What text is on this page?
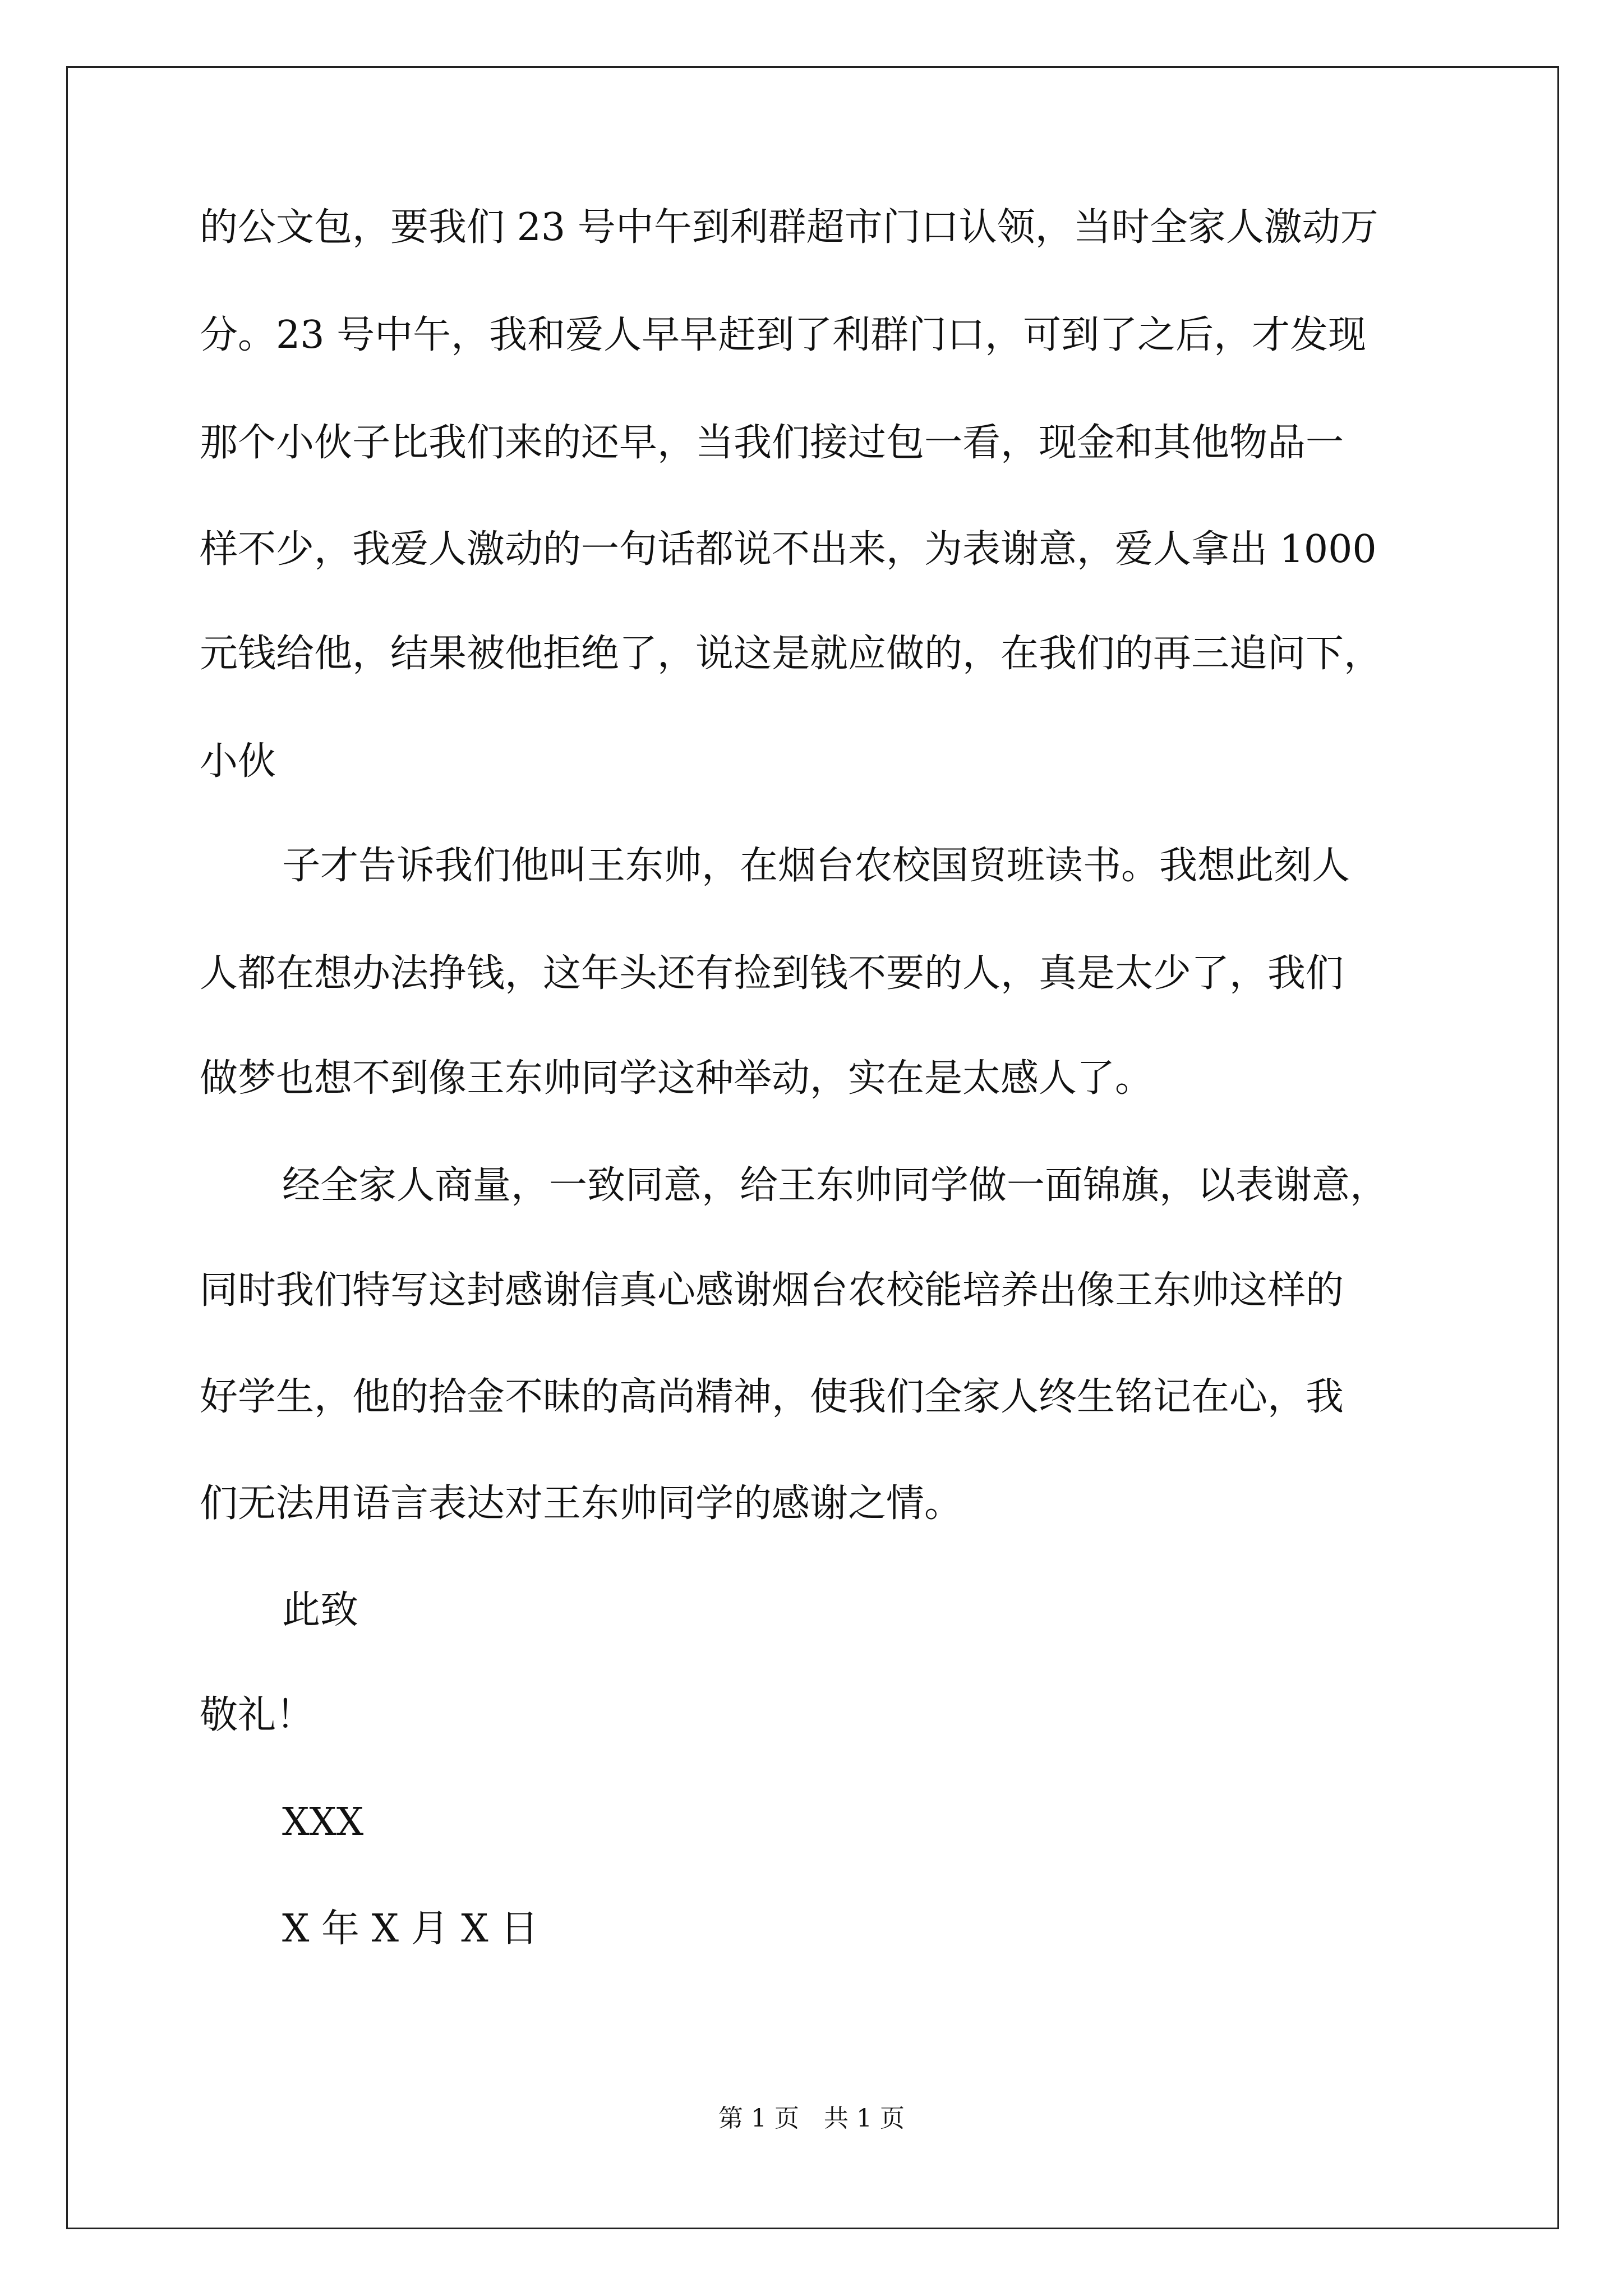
的公文包，要我们 23 号中午到利群超市门口认领，当时全家人激动万
分。23 号中午，我和爱人早早赶到了利群门口，可到了之后，才发现
那个小伙子比我们来的还早，当我们接过包一看，现金和其他物品一
样不少，我爱人激动的一句话都说不出来，为表谢意，爱人拿出 1000
元钱给他，结果被他拒绝了，说这是就应做的，在我们的再三追问下，
小伙
子才告诉我们他叫王东帅，在烟台农校国贸班读书。我想此刻人
人都在想办法挣钱，这年头还有捡到钱不要的人，真是太少了，我们
做梦也想不到像王东帅同学这种举动，实在是太感人了。
经全家人商量，一致同意，给王东帅同学做一面锦旗，以表谢意，
同时我们特写这封感谢信真心感谢烟台农校能培养出像王东帅这样的
好学生，他的拾金不昧的高尚精神，使我们全家人终生铭记在心，我
们无法用语言表达对王东帅同学的感谢之情。
此致
敬礼！
XXX
X 年 X 月 X 日
第 1 页　共 1 页
